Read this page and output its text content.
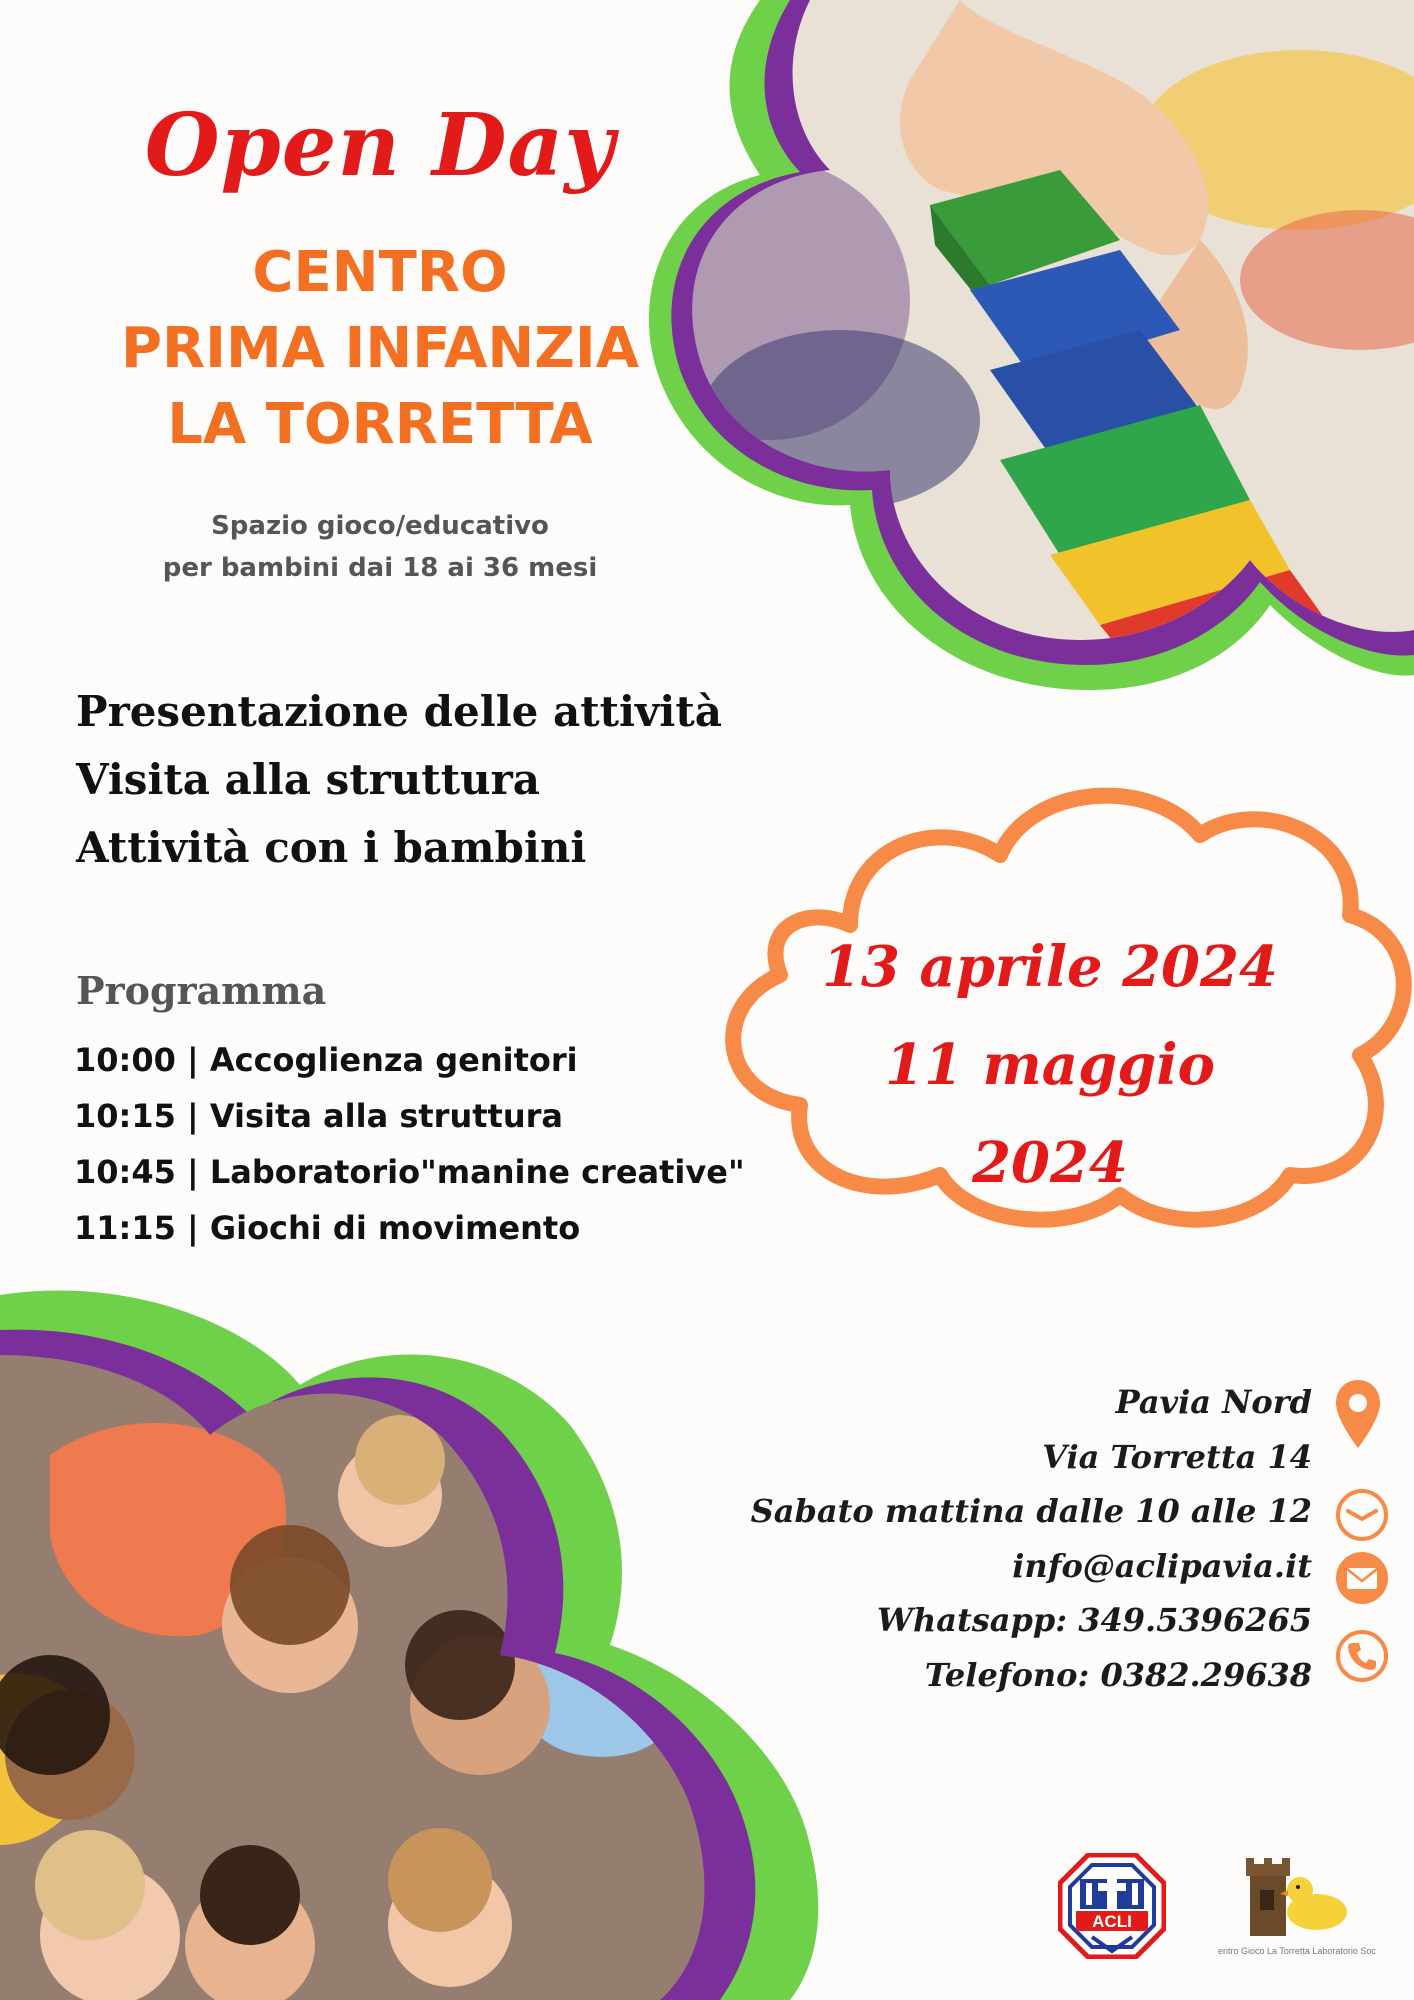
Open Day
CENTRO
PRIMA INFANZIA
LA TORRETTA
Spazio gioco/educativo
per bambini dai 18 ai 36 mesi
Presentazione delle attività
Visita alla struttura
Attività con i bambini
Programma
10:00 | Accoglienza genitori
10:15 | Visita alla struttura
10:45 | Laboratorio"manine creative"
11:15 | Giochi di movimento
13 aprile 2024
11 maggio 2024
Pavia Nord
Via Torretta 14
Sabato mattina dalle 10 alle 12
info@aclipavia.it
Whatsapp: 349.5396265
Telefono: 0382.29638
ACLI
entro Gioco La Torretta Laboratorio Soc
